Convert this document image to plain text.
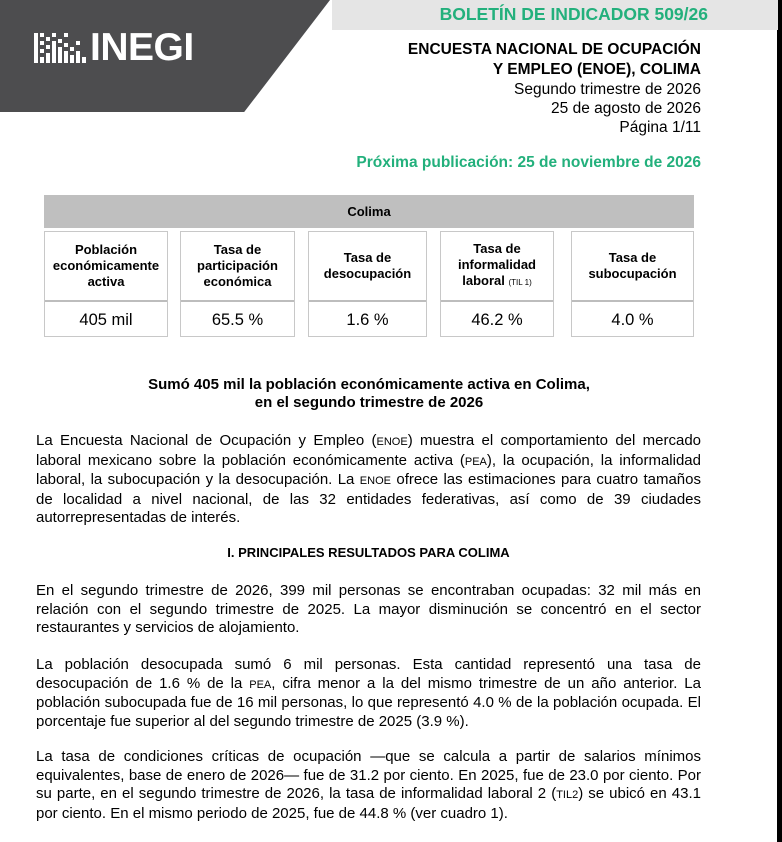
INEGI
BOLETÍN DE INDICADOR 509/26
ENCUESTA NACIONAL DE OCUPACIÓN
Y EMPLEO (ENOE), COLIMA
Segundo trimestre de 2026
25 de agosto de 2026
Página 1/11
Próxima publicación: 25 de noviembre de 2026
Colima
Población económicamente activa
405 mil
Tasa de participación económica
65.5 %
Tasa de desocupación
1.6 %
Tasa de informalidad laboral (TIL 1)
46.2 %
Tasa de subocupación
4.0 %
Sumó 405 mil la población económicamente activa en Colima,
en el segundo trimestre de 2026
La Encuesta Nacional de Ocupación y Empleo (ENOE) muestra el comportamiento del mercado laboral mexicano sobre la población económicamente activa (PEA), la ocupación, la informalidad laboral, la subocupación y la desocupación. La ENOE ofrece las estimaciones para cuatro tamaños de localidad a nivel nacional, de las 32 entidades federativas, así como de 39 ciudades autorrepresentadas de interés.
I. PRINCIPALES RESULTADOS PARA COLIMA
En el segundo trimestre de 2026, 399 mil personas se encontraban ocupadas: 32 mil más en relación con el segundo trimestre de 2025. La mayor disminución se concentró en el sector restaurantes y servicios de alojamiento.
La población desocupada sumó 6 mil personas. Esta cantidad representó una tasa de desocupación de 1.6 % de la PEA, cifra menor a la del mismo trimestre de un año anterior. La población subocupada fue de 16 mil personas, lo que representó 4.0 % de la población ocupada. El porcentaje fue superior al del segundo trimestre de 2025 (3.9 %).
La tasa de condiciones críticas de ocupación —que se calcula a partir de salarios mínimos equivalentes, base de enero de 2026— fue de 31.2 por ciento. En 2025, fue de 23.0 por ciento. Por su parte, en el segundo trimestre de 2026, la tasa de informalidad laboral 2 (TIL2) se ubicó en 43.1 por ciento. En el mismo periodo de 2025, fue de 44.8 % (ver cuadro 1).
